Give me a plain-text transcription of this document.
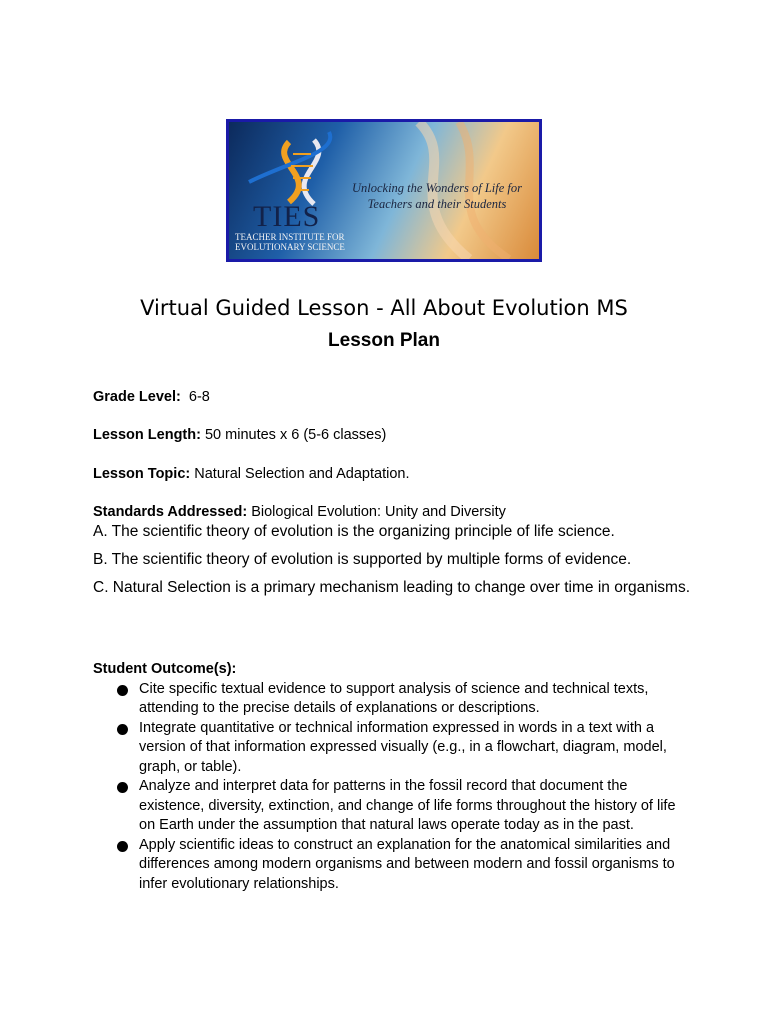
Unlocking the Wonders of Life for Teachers and their Students
TIES
TEACHER INSTITUTE FOR EVOLUTIONARY SCIENCE
Virtual Guided Lesson - All About Evolution MS
Lesson Plan
Grade Level: 6-8
Lesson Length: 50 minutes x 6 (5-6 classes)
Lesson Topic: Natural Selection and Adaptation.
Standards Addressed: Biological Evolution: Unity and Diversity

A. The scientific theory of evolution is the organizing principle of life science.

B. The scientific theory of evolution is supported by multiple forms of evidence.

C. Natural Selection is a primary mechanism leading to change over time in organisms.

Student Outcome(s):
Cite specific textual evidence to support analysis of science and technical texts, attending to the precise details of explanations or descriptions.
Integrate quantitative or technical information expressed in words in a text with a version of that information expressed visually (e.g., in a flowchart, diagram, model, graph, or table).
Analyze and interpret data for patterns in the fossil record that document the existence, diversity, extinction, and change of life forms throughout the history of life on Earth under the assumption that natural laws operate today as in the past.
Apply scientific ideas to construct an explanation for the anatomical similarities and differences among modern organisms and between modern and fossil organisms to infer evolutionary relationships.
